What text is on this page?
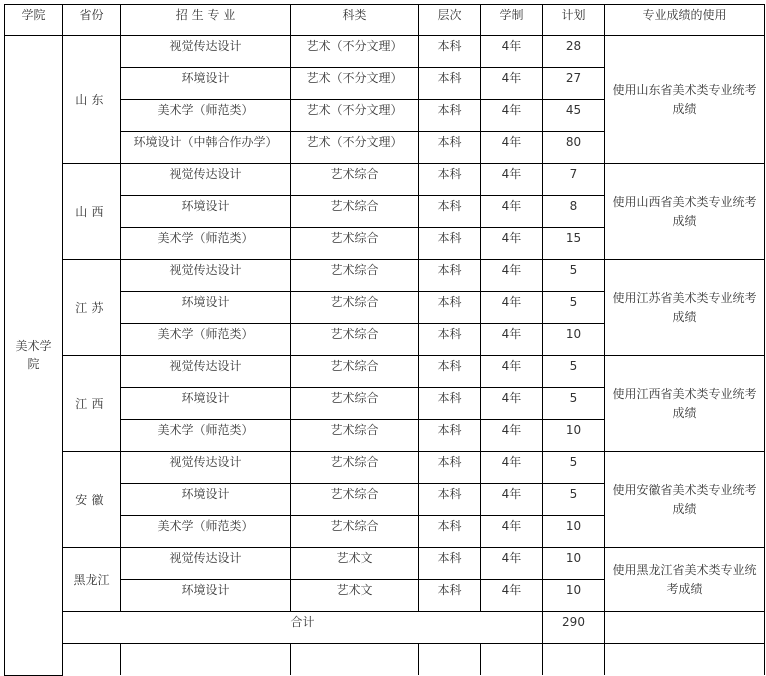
学院	省份	招 生 专 业	科类	层次	学制	计划	专业成绩的使用	
美术学院	山东	视觉传达设计	艺术（不分文理）	本科	4年	28	使用山东省美术类专业统考成绩	
		环境设计	艺术（不分文理）	本科	4年	27		
		美术学（师范类）	艺术（不分文理）	本科	4年	45		
		环境设计（中韩合作办学）	艺术（不分文理）	本科	4年	80		
	山西	视觉传达设计	艺术综合	本科	4年	7	使用山西省美术类专业统考成绩	
		环境设计	艺术综合	本科	4年	8		
		美术学（师范类）	艺术综合	本科	4年	15		
	江苏	视觉传达设计	艺术综合	本科	4年	5	使用江苏省美术类专业统考成绩	
		环境设计	艺术综合	本科	4年	5		
		美术学（师范类）	艺术综合	本科	4年	10		
	江西	视觉传达设计	艺术综合	本科	4年	5	使用江西省美术类专业统考成绩	
		环境设计	艺术综合	本科	4年	5		
		美术学（师范类）	艺术综合	本科	4年	10		
	安徽	视觉传达设计	艺术综合	本科	4年	5	使用安徽省美术类专业统考成绩	
		环境设计	艺术综合	本科	4年	5		
		美术学（师范类）	艺术综合	本科	4年	10		
	黑龙江	视觉传达设计	艺术文	本科	4年	10	使用黑龙江省美术类专业统考成绩	
		环境设计	艺术文	本科	4年	10		
	合计					290		
